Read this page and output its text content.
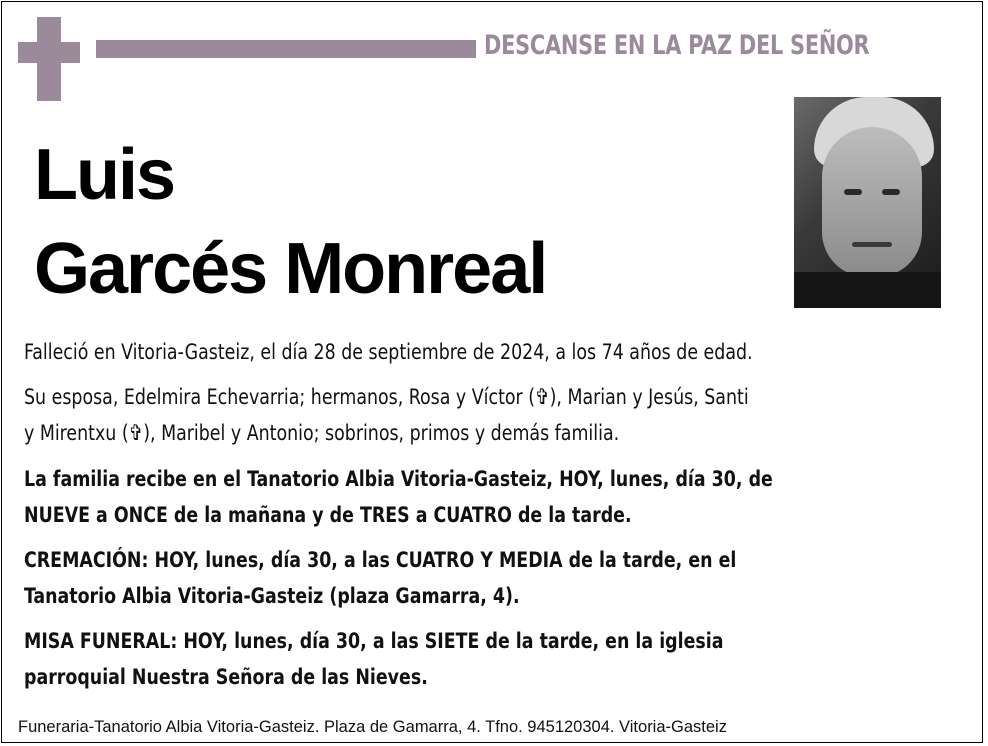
DESCANSE EN LA PAZ DEL SEÑOR
Luis
Garcés Monreal
Falleció en Vitoria-Gasteiz, el día 28 de septiembre de 2024, a los 74 años de edad.
Su esposa, Edelmira Echevarria; hermanos, Rosa y Víctor (✞), Marian y Jesús, Santi
y Mirentxu (✞), Maribel y Antonio; sobrinos, primos y demás familia.
La familia recibe en el Tanatorio Albia Vitoria-Gasteiz, HOY, lunes, día 30, de
NUEVE a ONCE de la mañana y de TRES a CUATRO de la tarde.
CREMACIÓN: HOY, lunes, día 30, a las CUATRO Y MEDIA de la tarde, en el
Tanatorio Albia Vitoria-Gasteiz (plaza Gamarra, 4).
MISA FUNERAL: HOY, lunes, día 30, a las SIETE de la tarde, en la iglesia
parroquial Nuestra Señora de las Nieves.
Funeraria-Tanatorio Albia Vitoria-Gasteiz. Plaza de Gamarra, 4. Tfno. 945120304. Vitoria-Gasteiz
